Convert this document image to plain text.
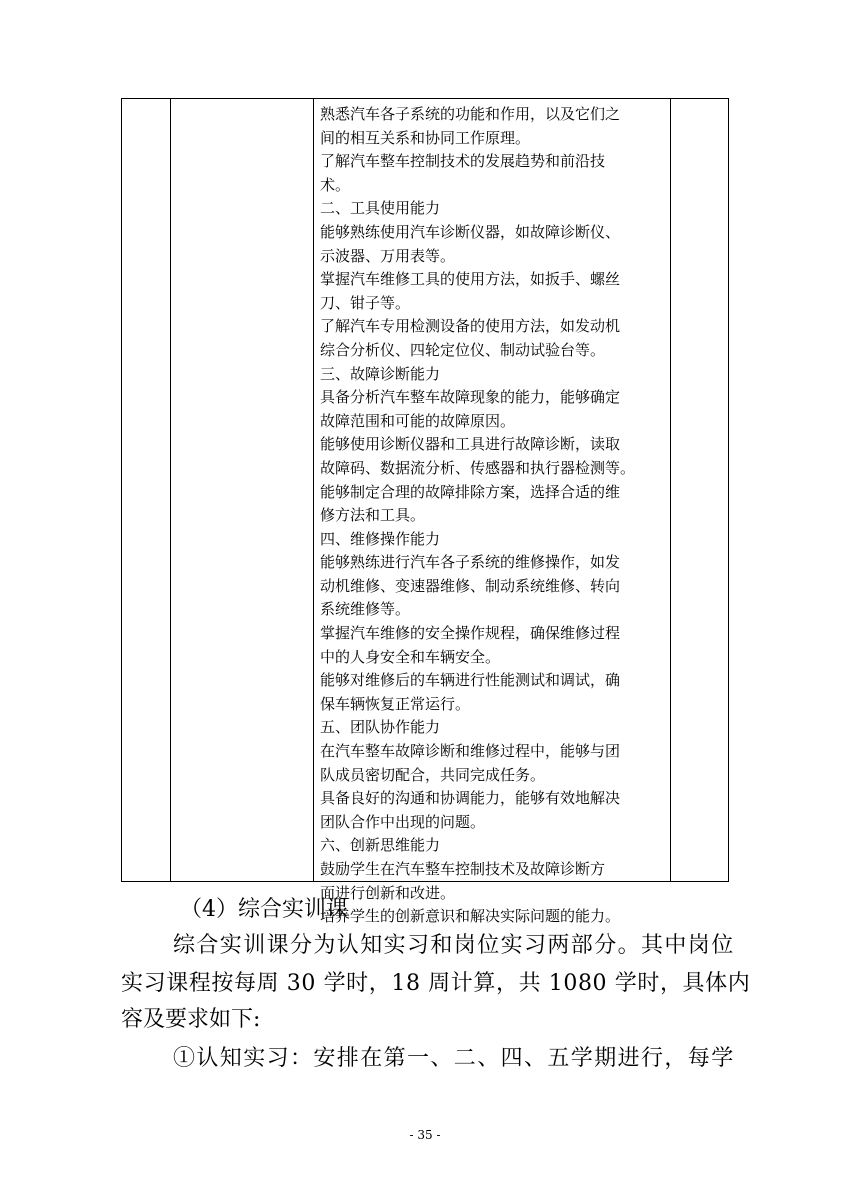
熟悉汽车各子系统的功能和作用，以及它们之
间的相互关系和协同工作原理。
了解汽车整车控制技术的发展趋势和前沿技
术。
二、工具使用能力
能够熟练使用汽车诊断仪器，如故障诊断仪、
示波器、万用表等。
掌握汽车维修工具的使用方法，如扳手、螺丝
刀、钳子等。
了解汽车专用检测设备的使用方法，如发动机
综合分析仪、四轮定位仪、制动试验台等。
三、故障诊断能力
具备分析汽车整车故障现象的能力，能够确定
故障范围和可能的故障原因。
能够使用诊断仪器和工具进行故障诊断，读取
故障码、数据流分析、传感器和执行器检测等。
能够制定合理的故障排除方案，选择合适的维
修方法和工具。
四、维修操作能力
能够熟练进行汽车各子系统的维修操作，如发
动机维修、变速器维修、制动系统维修、转向
系统维修等。
掌握汽车维修的安全操作规程，确保维修过程
中的人身安全和车辆安全。
能够对维修后的车辆进行性能测试和调试，确
保车辆恢复正常运行。
五、团队协作能力
在汽车整车故障诊断和维修过程中，能够与团
队成员密切配合，共同完成任务。
具备良好的沟通和协调能力，能够有效地解决
团队合作中出现的问题。
六、创新思维能力
鼓励学生在汽车整车控制技术及故障诊断方
面进行创新和改进。
培养学生的创新意识和解决实际问题的能力。
（4）综合实训课
综合实训课分为认知实习和岗位实习两部分。其中岗位
实习课程按每周 30 学时，18 周计算，共 1080 学时，具体内
容及要求如下:
①认知实习：安排在第一、二、四、五学期进行，每学
- 35 -
